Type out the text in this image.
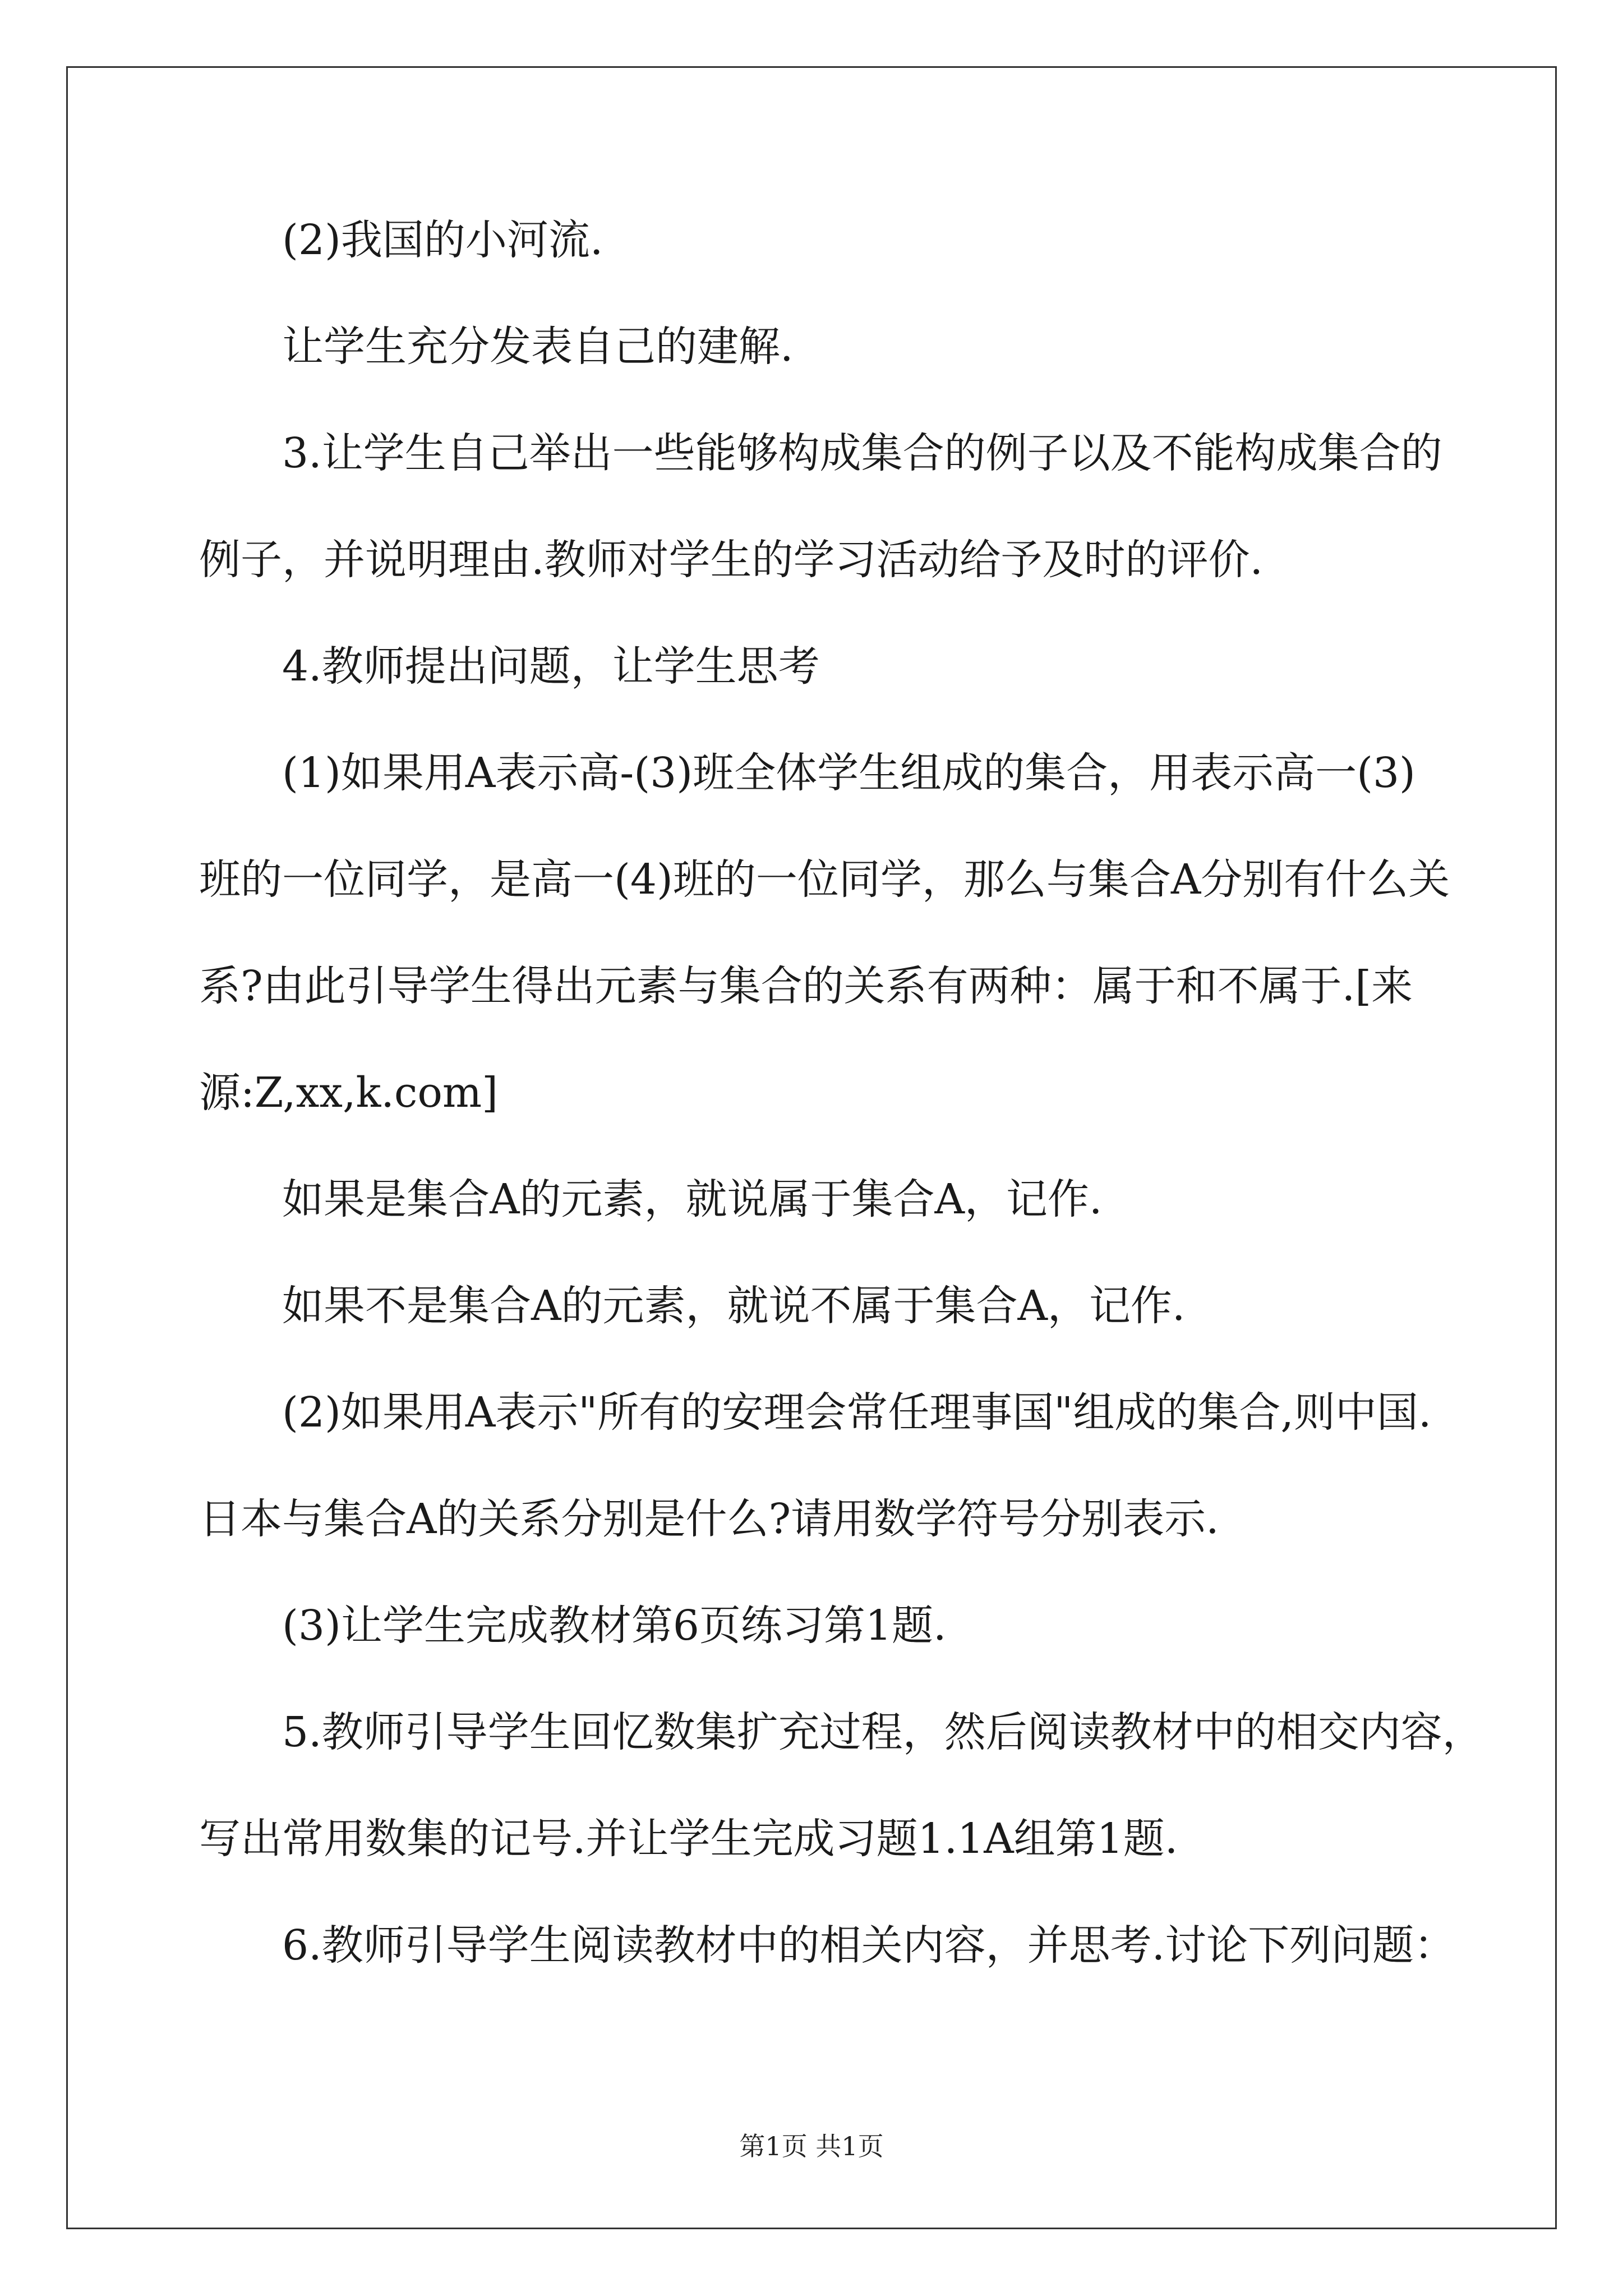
(2)我国的小河流.
让学生充分发表自己的建解.
3.让学生自己举出一些能够构成集合的例子以及不能构成集合的
例子，并说明理由.教师对学生的学习活动给予及时的评价.
4.教师提出问题，让学生思考
(1)如果用A表示高-(3)班全体学生组成的集合，用表示高一(3)
班的一位同学，是高一(4)班的一位同学，那么与集合A分别有什么关
系?由此引导学生得出元素与集合的关系有两种：属于和不属于.[来
源:Z,xx,k.com]
如果是集合A的元素，就说属于集合A，记作.
如果不是集合A的元素，就说不属于集合A，记作.
(2)如果用A表示"所有的安理会常任理事国"组成的集合,则中国.
日本与集合A的关系分别是什么?请用数学符号分别表示.
(3)让学生完成教材第6页练习第1题.
5.教师引导学生回忆数集扩充过程，然后阅读教材中的相交内容，
写出常用数集的记号.并让学生完成习题1.1A组第1题.
6.教师引导学生阅读教材中的相关内容，并思考.讨论下列问题：
第1页 共1页
